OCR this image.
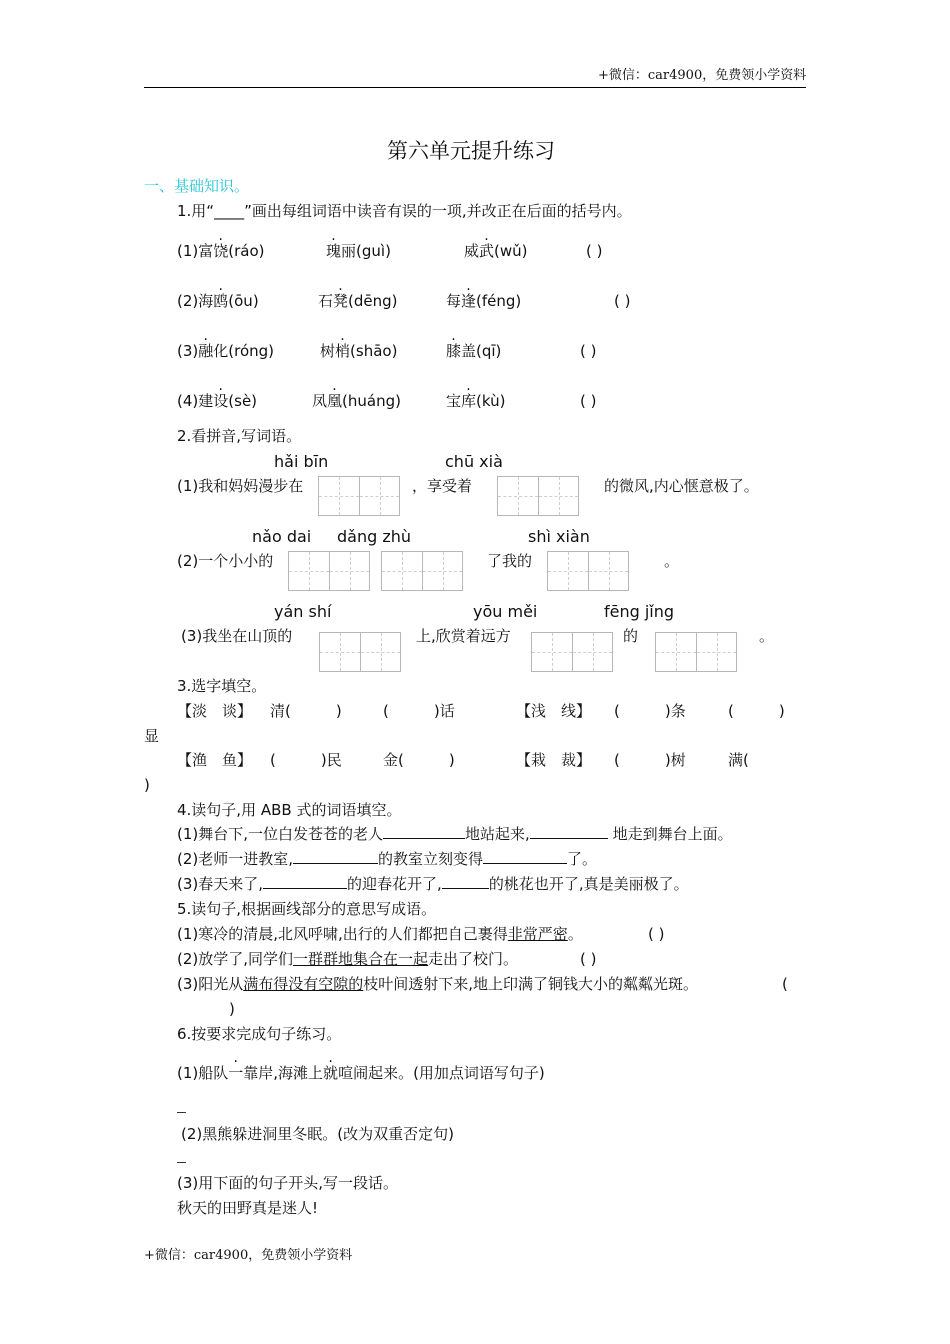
+微信：car4900，免费领小学资料
第六单元提升练习
一、基础知识。
1.用“____”画出每组词语中读音有误的一项,并改正在后面的括号内。
(1)富饶(ráo)	瑰丽(guì)	威武(wǔ)	( )
(2)海鸥(ōu)	石凳(dēng)	每逢(féng)	( )
(3)融化(róng)	树梢(shāo)	膝盖(qī)	( )
(4)建设(sè)	凤凰(huáng)	宝库(kù)	( )
2.看拼音,写词语。
hǎi bīn	chū xià
(1)我和妈妈漫步在	，享受着	的微风,内心惬意极了。
nǎo dai dǎng zhù	shì xiàn
(2)一个小小的	了我的	。
yán shí	yōu měi	fēng jǐng
(3)我坐在山顶的	上,欣赏着远方	的	。
3.选字填空。
【淡　谈】 清(　　　)	(　　　)话	【浅　线】 (　　　)条	(　　　)
显
【渔　鱼】 (　　　)民	金(　　　)	【栽　裁】 (　　　)树	满(
)
4.读句子,用 ABB 式的词语填空。
(1)舞台下,一位白发苍苍的老人	地站起来,	地走到舞台上面。
(2)老师一进教室,	的教室立刻变得	了。
(3)春天来了,	的迎春花开了,	的桃花也开了,真是美丽极了。
5.读句子,根据画线部分的意思写成语。
(1)寒冷的清晨,北风呼啸,出行的人们都把自己裹得非常严密。	( )
(2)放学了,同学们一群群地集合在一起走出了校门。	( )
(3)阳光从满布得没有空隙的枝叶间透射下来,地上印满了铜钱大小的粼粼光斑。	(
)
6.按要求完成句子练习。
(1)船队一靠岸,海滩上就喧闹起来。(用加点词语写句子)
(2)黑熊躲进洞里冬眠。(改为双重否定句)
(3)用下面的句子开头,写一段话。
秋天的田野真是迷人!
+微信：car4900，免费领小学资料
